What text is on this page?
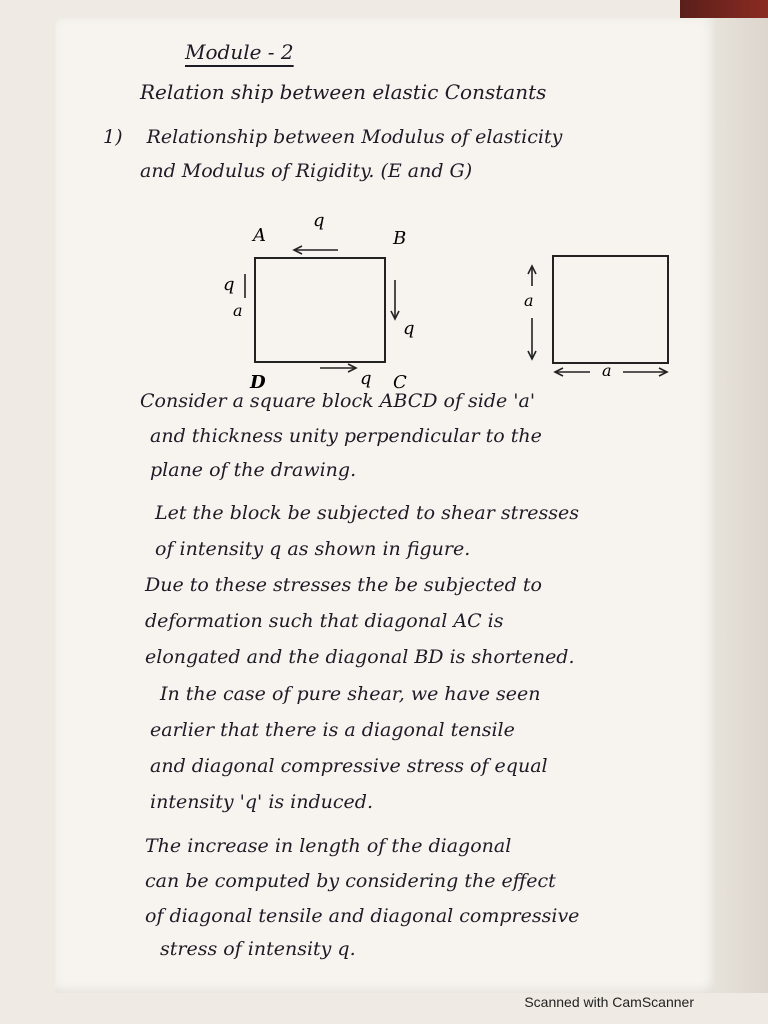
Module - 2
Relation ship between elastic Constants
1) Relationship between Modulus of elasticity
and Modulus of Rigidity. (E and G)
A	B
D	C
q
q
a
q
q
a
a
Consider a square block ABCD of side 'a'
and thickness unity perpendicular to the
plane of the drawing.
Let the block be subjected to shear stresses
of intensity q as shown in figure.
Due to these stresses the be subjected to
deformation such that diagonal AC is
elongated and the diagonal BD is shortened.
In the case of pure shear, we have seen
earlier that there is a diagonal tensile
and diagonal compressive stress of equal
intensity 'q' is induced.
The increase in length of the diagonal
can be computed by considering the effect
of diagonal tensile and diagonal compressive
stress of intensity q.
Scanned with CamScanner
